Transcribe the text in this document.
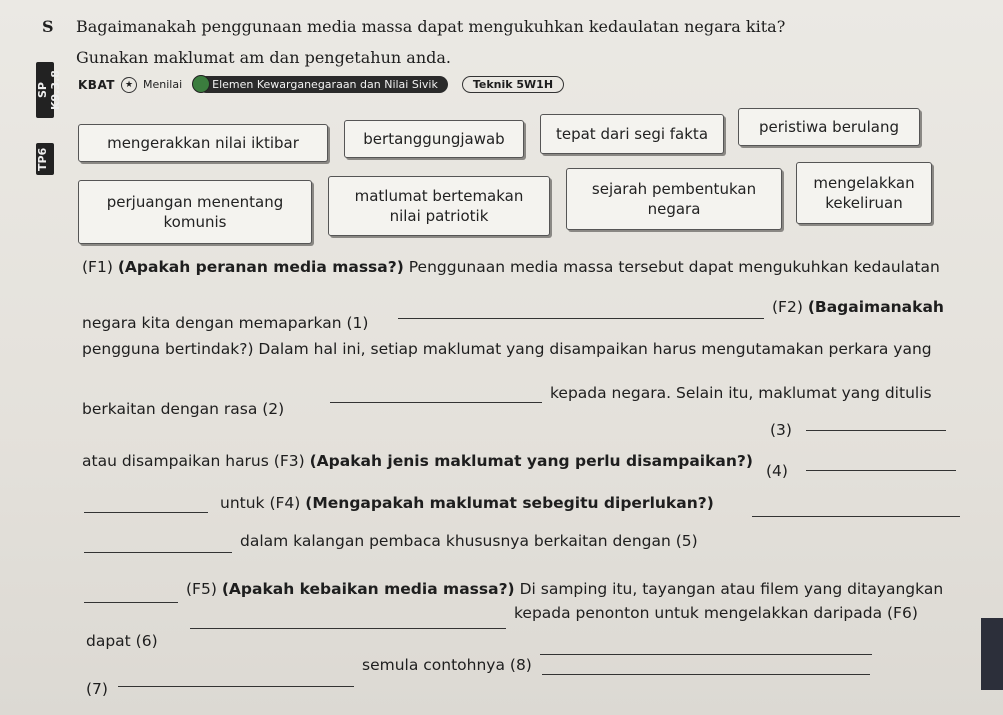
S Bagaimanakah penggunaan media massa dapat mengukuhkan kedaulatan negara kita?
Gunakan maklumat am dan pengetahun anda.
SP K9.3.8
TP6
KBAT	★ Menilai	Elemen Kewarganegaraan dan Nilai Sivik	Teknik 5W1H
mengerakkan nilai iktibar	bertanggungjawab	tepat dari segi fakta	peristiwa berulang
perjuangan menentang komunis
matlumat bertemakan nilai patriotik
sejarah pembentukan negara
mengelakkan kekeliruan
(F1) (Apakah peranan media massa?) Penggunaan media massa tersebut dapat mengukuhkan kedaulatan
negara kita dengan memaparkan (1)
(F2) (Bagaimanakah
pengguna bertindak?) Dalam hal ini, setiap maklumat yang disampaikan harus mengutamakan perkara yang
berkaitan dengan rasa (2)
kepada negara. Selain itu, maklumat yang ditulis
atau disampaikan harus (F3) (Apakah jenis maklumat yang perlu disampaikan?)
(3)
(4)
untuk (F4) (Mengapakah maklumat sebegitu diperlukan?)
dalam kalangan pembaca khususnya berkaitan dengan (5)
(F5) (Apakah kebaikan media massa?) Di samping itu, tayangan atau filem yang ditayangkan
kepada penonton untuk mengelakkan daripada (F6)
dapat (6)
(7)
semula contohnya (8)
